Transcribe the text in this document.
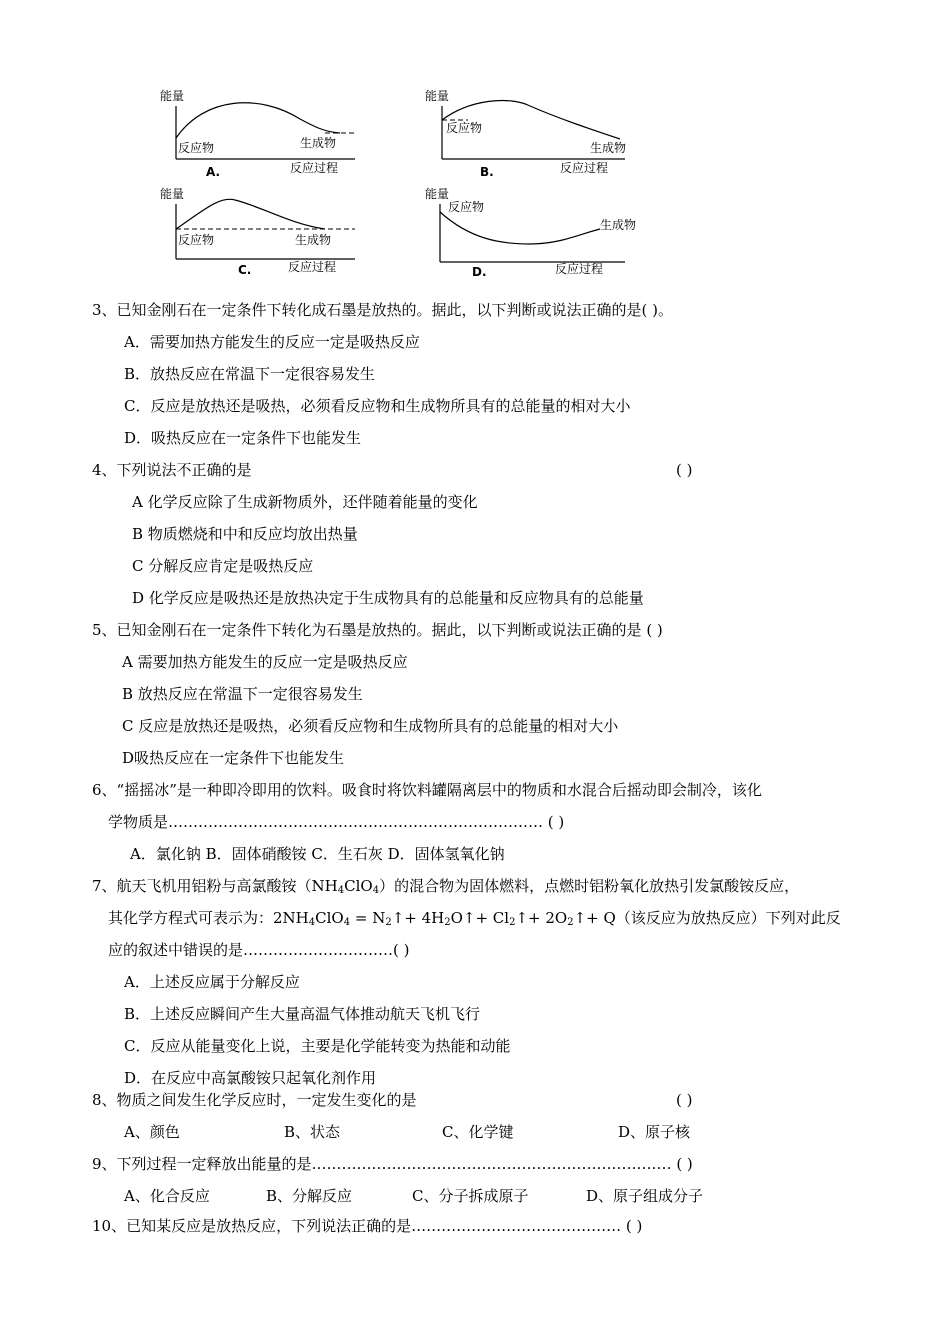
能量
反应物	生成物
A.	反应过程
能量
反应物
生成物
B.	反应过程
能量
反应物	生成物
C.	反应过程
能量
反应物
生成物
D.	反应过程
3、已知金刚石在一定条件下转化成石墨是放热的。据此，以下判断或说法正确的是( )。
A．需要加热方能发生的反应一定是吸热反应
B．放热反应在常温下一定很容易发生
C．反应是放热还是吸热，必须看反应物和生成物所具有的总能量的相对大小
D．吸热反应在一定条件下也能发生
4、下列说法不正确的是	( )
A 化学反应除了生成新物质外，还伴随着能量的变化
B 物质燃烧和中和反应均放出热量
C 分解反应肯定是吸热反应
D 化学反应是吸热还是放热决定于生成物具有的总能量和反应物具有的总能量
5、已知金刚石在一定条件下转化为石墨是放热的。据此，以下判断或说法正确的是 ( )
A 需要加热方能发生的反应一定是吸热反应
B 放热反应在常温下一定很容易发生
C 反应是放热还是吸热，必须看反应物和生成物所具有的总能量的相对大小
D吸热反应在一定条件下也能发生
6、“摇摇冰”是一种即冷即用的饮料。吸食时将饮料罐隔离层中的物质和水混合后摇动即会制冷，该化
学物质是………………………………………………………………… ( )
A．氯化钠 B．固体硝酸铵 C．生石灰 D．固体氢氧化钠
7、航天飞机用铝粉与高氯酸铵$(NH_4ClO_4)$的混合物为固体燃料，点燃时铝粉氧化放热引发氯酸铵反应，
其化学方程式可表示为：$2NH_4ClO_4$ = $N_2↑+$ $4H_2O↑+$ $Cl_2↑+$ $2O_2↑+ Q$（该反应为放热反应）下列对此反
应的叙述中错误的是…………………………( )
A．上述反应属于分解反应
B．上述反应瞬间产生大量高温气体推动航天飞机飞行
C．反应从能量变化上说，主要是化学能转变为热能和动能
D．在反应中高氯酸铵只起氧化剂作用
8、物质之间发生化学反应时，一定发生变化的是	( )
A、颜色	B、状态	C、化学键	D、原子核
9、下列过程一定释放出能量的是……………………………………………………………… ( )
A、化合反应	B、分解反应	C、分子拆成原子	D、原子组成分子
10、已知某反应是放热反应，下列说法正确的是…………………………………… ( )
